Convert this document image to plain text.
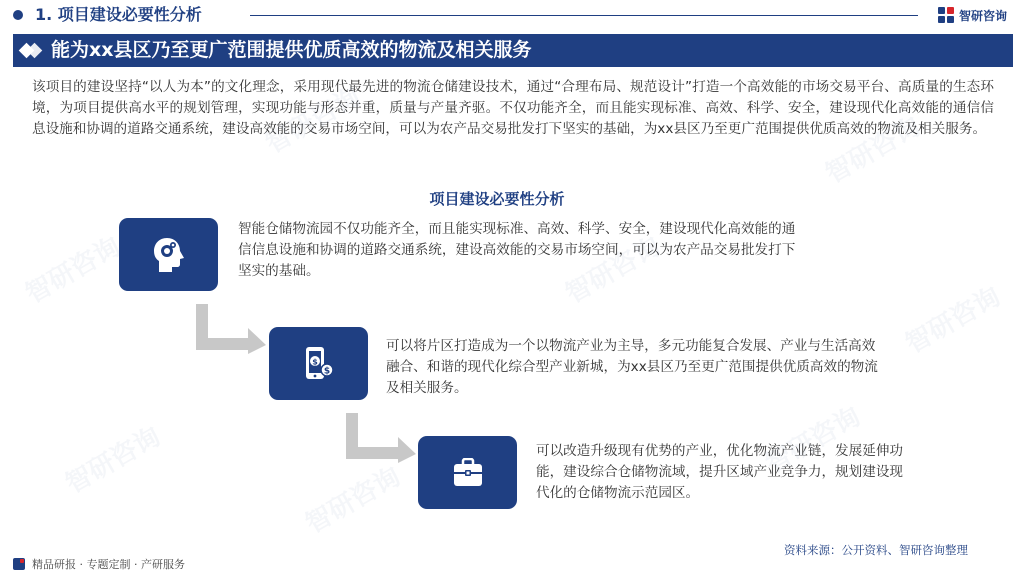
1. 项目建设必要性分析	智研咨询
能为xx县区乃至更广范围提供优质高效的物流及相关服务
该项目的建设坚持“以人为本”的文化理念，采用现代最先进的物流仓储建设技术，通过“合理布局、规范设计”打造一个高效能的市场交易平台、高质量的生态环境，为项目提供高水平的规划管理，实现功能与形态并重，质量与产量齐驱。不仅功能齐全，而且能实现标准、高效、科学、安全，建设现代化高效能的通信信息设施和协调的道路交通系统，建设高效能的交易市场空间，可以为农产品交易批发打下坚实的基础，为xx县区乃至更广范围提供优质高效的物流及相关服务。
项目建设必要性分析
智能仓储物流园不仅功能齐全，而且能实现标准、高效、科学、安全，建设现代化高效能的通信信息设施和协调的道路交通系统，建设高效能的交易市场空间，可以为农产品交易批发打下坚实的基础。
$
$
可以将片区打造成为一个以物流产业为主导，多元功能复合发展、产业与生活高效融合、和谐的现代化综合型产业新城，为xx县区乃至更广范围提供优质高效的物流及相关服务。
可以改造升级现有优势的产业，优化物流产业链，发展延伸功能，建设综合仓储物流域，提升区域产业竞争力，规划建设现代化的仓储物流示范园区。
精品研报 · 专题定制 · 产研服务
资料来源：公开资料、智研咨询整理
